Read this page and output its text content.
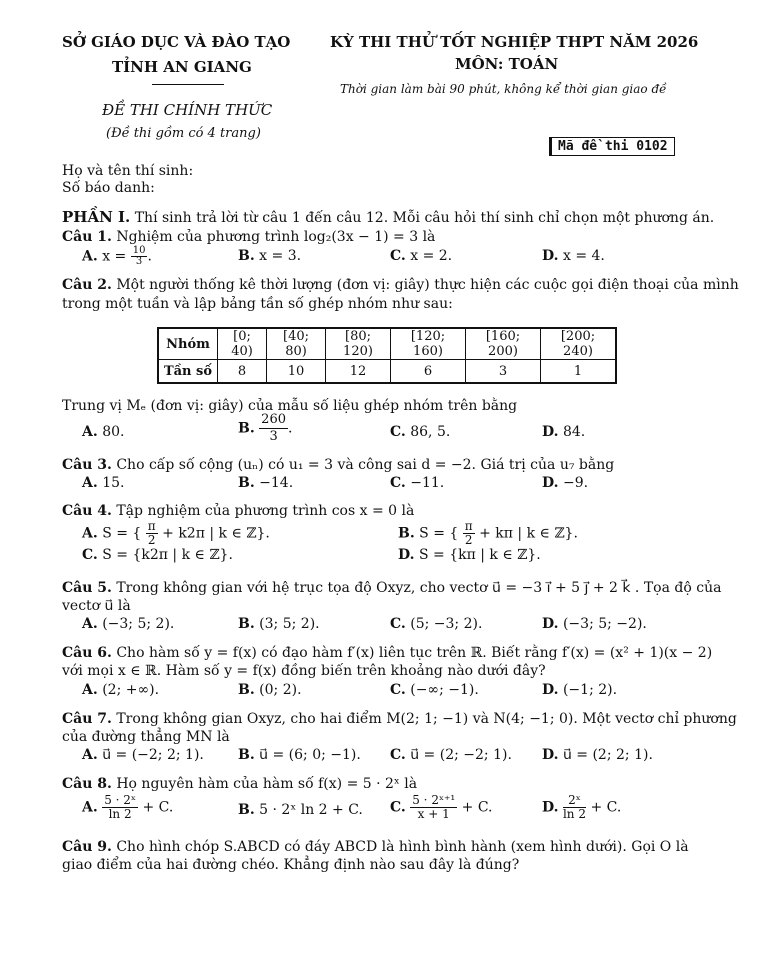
SỞ GIÁO DỤC VÀ ĐÀO TẠO
TỈNH AN GIANG
KỲ THI THỬ TỐT NGHIỆP THPT NĂM 2026
MÔN: TOÁN
Thời gian làm bài 90 phút, không kể thời gian giao đề
ĐỀ THI CHÍNH THỨC
(Đề thi gồm có 4 trang)
Mã đề thi 0102
Họ và tên thí sinh:
Số báo danh:
PHẦN I. Thí sinh trả lời từ câu 1 đến câu 12. Mỗi câu hỏi thí sinh chỉ chọn một phương án.
Câu 1. Nghiệm của phương trình log₂(3x − 1) = 3 là
A. $x = \frac{10}{3}$ .	B. x = 3.	C. x = 2.	D. x = 4.
Câu 2. Một người thống kê thời lượng (đơn vị: giây) thực hiện các cuộc gọi điện thoại của mình
trong một tuần và lập bảng tần số ghép nhóm như sau:
Nhóm	[0; 40)	[40; 80)	[80; 120)	[120; 160)	[160; 200)	[200; 240)
Tần số	8	10	12	6	3	1
Trung vị Mₑ (đơn vị: giây) của mẫu số liệu ghép nhóm trên bằng
A. 80.	B. $\frac{260}{3}$ .	C. 86, 5.	D. 84.
Câu 3. Cho cấp số cộng (uₙ) có u₁ = 3 và công sai d = −2. Giá trị của u₇ bằng
A. 15.	B. −14.	C. −11.	D. −9.
Câu 4. Tập nghiệm của phương trình cos x = 0 là
A. S = { $\frac{\pi}{2} + k2\pi$ | k ∈ ℤ}.	B. S = { $\frac{\pi}{2} + k\pi$ | k ∈ ℤ}.
C. S = {k2π | k ∈ ℤ}.	D. S = {kπ | k ∈ ℤ}.
Câu 5. Trong không gian với hệ trục tọa độ Oxyz, cho vectơ u⃗ = −3 i⃗ + 5 j⃗ + 2 k⃗ . Tọa độ của
vectơ u⃗ là
A. (−3; 5; 2).	B. (3; 5; 2).	C. (5; −3; 2).	D. (−3; 5; −2).
Câu 6. Cho hàm số y = f(x) có đạo hàm f′(x) liên tục trên ℝ. Biết rằng f′(x) = (x² + 1)(x − 2)
với mọi x ∈ ℝ. Hàm số y = f(x) đồng biến trên khoảng nào dưới đây?
A. (2; +∞).	B. (0; 2).	C. (−∞; −1).	D. (−1; 2).
Câu 7. Trong không gian Oxyz, cho hai điểm M(2; 1; −1) và N(4; −1; 0). Một vectơ chỉ phương
của đường thẳng MN là
A. u⃗ = (−2; 2; 1). B. u⃗ = (6; 0; −1). C. u⃗ = (2; −2; 1). D. u⃗ = (2; 2; 1).
Câu 8. Họ nguyên hàm của hàm số f(x) = 5 · 2ˣ là
A. $\frac{\text{5 · 2ˣ}}{\ln 2} + C$.	B. 5 · 2ˣ ln 2 + C. C. $\frac{\text{5 · 2ˣ⁺¹}}{x + 1} + C$.	D. $\frac{\text{2ˣ}}{\ln 2} + C$.
Câu 9. Cho hình chóp S.ABCD có đáy ABCD là hình bình hành (xem hình dưới). Gọi O là
giao điểm của hai đường chéo. Khẳng định nào sau đây là đúng?
